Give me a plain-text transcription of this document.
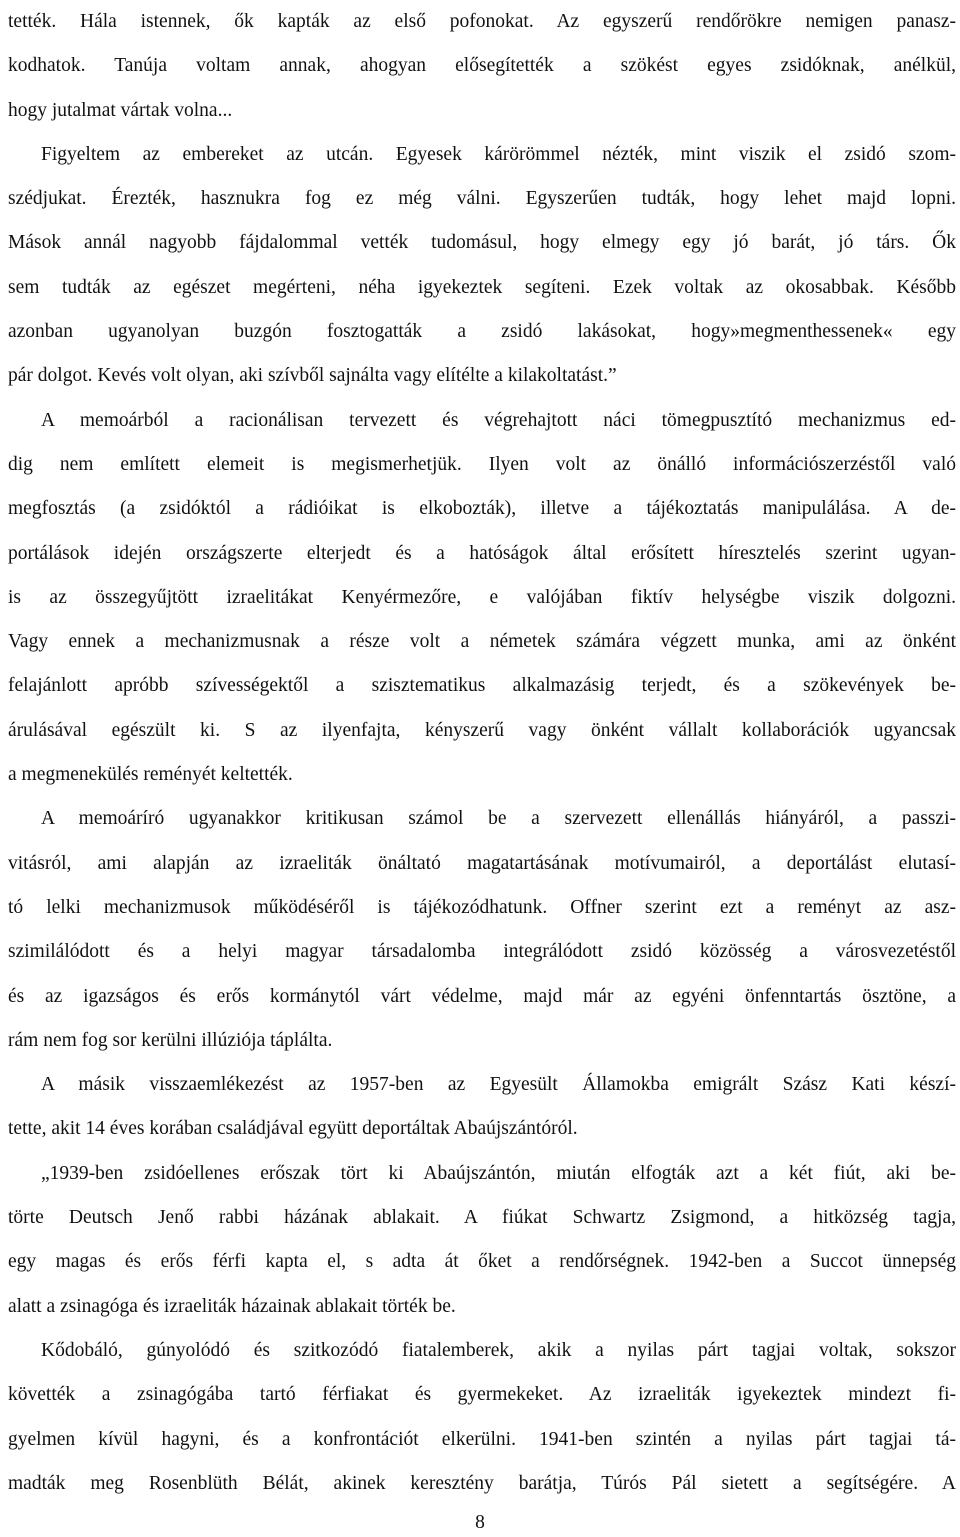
tették. Hála istennek, ők kapták az első pofonokat. Az egyszerű rendőrökre nemigen panasz-
kodhatok. Tanúja voltam annak, ahogyan elősegítették a szökést egyes zsidóknak, anélkül,
hogy jutalmat vártak volna...
Figyeltem az embereket az utcán. Egyesek kárörömmel nézték, mint viszik el zsidó szom-
szédjukat. Érezték, hasznukra fog ez még válni. Egyszerűen tudták, hogy lehet majd lopni.
Mások annál nagyobb fájdalommal vették tudomásul, hogy elmegy egy jó barát, jó társ. Ők
sem tudták az egészet megérteni, néha igyekeztek segíteni. Ezek voltak az okosabbak. Később
azonban ugyanolyan buzgón fosztogatták a zsidó lakásokat, hogy»megmenthessenek« egy
pár dolgot. Kevés volt olyan, aki szívből sajnálta vagy elítélte a kilakoltatást.”
A memoárból a racionálisan tervezett és végrehajtott náci tömegpusztító mechanizmus ed-
dig nem említett elemeit is megismerhetjük. Ilyen volt az önálló információszerzéstől való
megfosztás (a zsidóktól a rádióikat is elkobozták), illetve a tájékoztatás manipulálása. A de-
portálások idején országszerte elterjedt és a hatóságok által erősített híresztelés szerint ugyan-
is az összegyűjtött izraelitákat Kenyérmezőre, e valójában fiktív helységbe viszik dolgozni.
Vagy ennek a mechanizmusnak a része volt a németek számára végzett munka, ami az önként
felajánlott apróbb szívességektől a szisztematikus alkalmazásig terjedt, és a szökevények be-
árulásával egészült ki. S az ilyenfajta, kényszerű vagy önként vállalt kollaborációk ugyancsak
a megmenekülés reményét keltették.
A memoáríró ugyanakkor kritikusan számol be a szervezett ellenállás hiányáról, a passzi-
vitásról, ami alapján az izraeliták önáltató magatartásának motívumairól, a deportálást elutasí-
tó lelki mechanizmusok működéséről is tájékozódhatunk. Offner szerint ezt a reményt az asz-
szimilálódott és a helyi magyar társadalomba integrálódott zsidó közösség a városvezetéstől
és az igazságos és erős kormánytól várt védelme, majd már az egyéni önfenntartás ösztöne, a
rám nem fog sor kerülni illúziója táplálta.
A másik visszaemlékezést az 1957-ben az Egyesült Államokba emigrált Szász Kati készí-
tette, akit 14 éves korában családjával együtt deportáltak Abaújszántóról.
„1939-ben zsidóellenes erőszak tört ki Abaújszántón, miután elfogták azt a két fiút, aki be-
törte Deutsch Jenő rabbi házának ablakait. A fiúkat Schwartz Zsigmond, a hitközség tagja,
egy magas és erős férfi kapta el, s adta át őket a rendőrségnek. 1942-ben a Succot ünnepség
alatt a zsinagóga és izraeliták házainak ablakait törték be.
Kődobáló, gúnyolódó és szitkozódó fiatalemberek, akik a nyilas párt tagjai voltak, sokszor
követték a zsinagógába tartó férfiakat és gyermekeket. Az izraeliták igyekeztek mindezt fi-
gyelmen kívül hagyni, és a konfrontációt elkerülni. 1941-ben szintén a nyilas párt tagjai tá-
madták meg Rosenblüth Bélát, akinek keresztény barátja, Túrós Pál sietett a segítségére. A
8
